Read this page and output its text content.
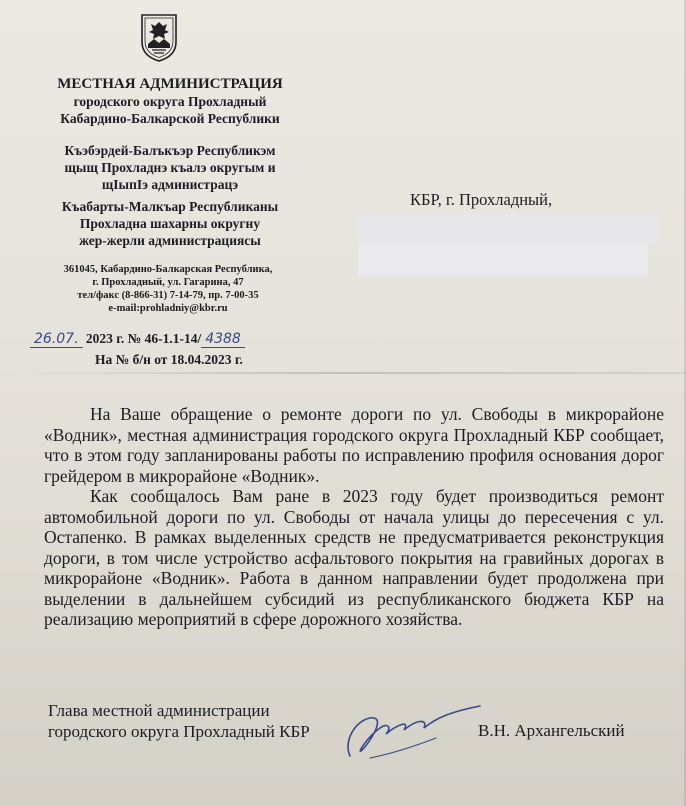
МЕСТНАЯ АДМИНИСТРАЦИЯ
городского округа Прохладный
Кабардино-Балкарской Республики
Къэбэрдей-Балъкъэр Республикэм
щыщ Прохладнэ къалэ округым и
щIыпIэ администрацэ
Къабарты-Малкъар Республиканы
Прохладна шахарны округну
жер-жерли администрациясы
361045, Кабардино-Балкарская Республика,
г. Прохладный, ул. Гагарина, 47
тел/факс (8-866-31) 7-14-79, пр. 7-00-35
e-mail:prohladniy@kbr.ru
КБР, г. Прохладный,
26.07. 2023 г. № 46-1.1-14/ 4388
На № б/н от 18.04.2023 г.

На Ваше обращение о ремонте дороги по ул. Свободы в микрорайоне «Водник», местная администрация городского округа Прохладный КБР сообщает, что в этом году запланированы работы по исправлению профиля основания дорог грейдером в микрорайоне «Водник».

Как сообщалось Вам ране в 2023 году будет производиться ремонт автомобильной дороги по ул. Свободы от начала улицы до пересечения с ул. Остапенко. В рамках выделенных средств не предусматривается реконструкция дороги, в том числе устройство асфальтового покрытия на гравийных дорогах в микрорайоне «Водник». Работа в данном направлении будет продолжена при выделении в дальнейшем субсидий из республиканского бюджета КБР на реализацию мероприятий в сфере дорожного хозяйства.

Глава местной администрации
городского округа Прохладный КБР	В.Н. Архангельский
